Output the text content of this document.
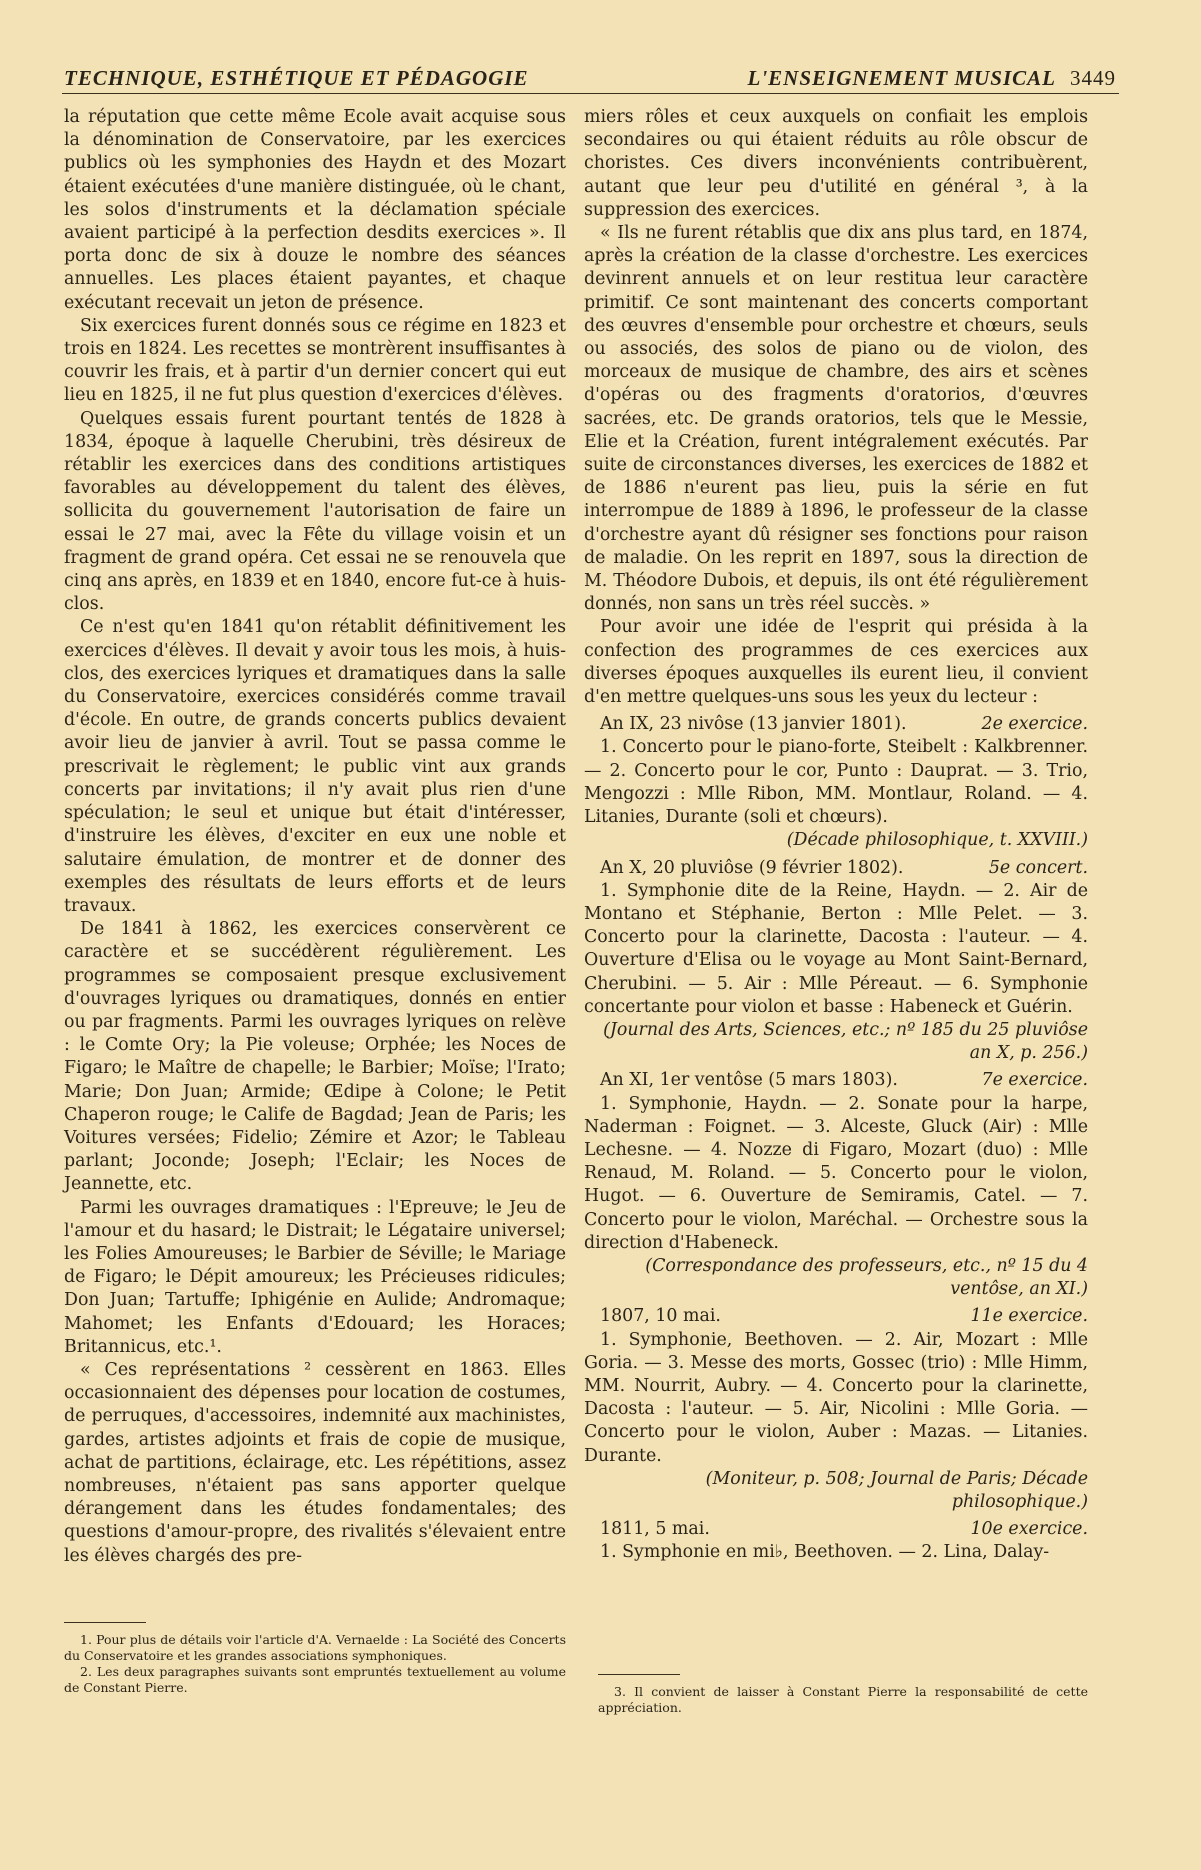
TECHNIQUE, ESTHÉTIQUE ET PÉDAGOGIE	L'ENSEIGNEMENT MUSICAL 3449

la réputation que cette même Ecole avait acquise sous la dénomination de Conservatoire, par les exercices publics où les symphonies des Haydn et des Mozart étaient exécutées d'une manière distinguée, où le chant, les solos d'instruments et la déclamation spéciale avaient participé à la perfection desdits exercices ». Il porta donc de six à douze le nombre des séances annuelles. Les places étaient payantes, et chaque exécutant recevait un jeton de présence.

Six exercices furent donnés sous ce régime en 1823 et trois en 1824. Les recettes se montrèrent insuffisantes à couvrir les frais, et à partir d'un dernier concert qui eut lieu en 1825, il ne fut plus question d'exercices d'élèves.

Quelques essais furent pourtant tentés de 1828 à 1834, époque à laquelle Cherubini, très désireux de rétablir les exercices dans des conditions artistiques favorables au développement du talent des élèves, sollicita du gouvernement l'autorisation de faire un essai le 27 mai, avec la Fête du village voisin et un fragment de grand opéra. Cet essai ne se renouvela que cinq ans après, en 1839 et en 1840, encore fut-ce à huis-clos.

Ce n'est qu'en 1841 qu'on rétablit définitivement les exercices d'élèves. Il devait y avoir tous les mois, à huis-clos, des exercices lyriques et dramatiques dans la salle du Conservatoire, exercices considérés comme travail d'école. En outre, de grands concerts publics devaient avoir lieu de janvier à avril. Tout se passa comme le prescrivait le règlement; le public vint aux grands concerts par invitations; il n'y avait plus rien d'une spéculation; le seul et unique but était d'intéresser, d'instruire les élèves, d'exciter en eux une noble et salutaire émulation, de montrer et de donner des exemples des résultats de leurs efforts et de leurs travaux.

De 1841 à 1862, les exercices conservèrent ce caractère et se succédèrent régulièrement. Les programmes se composaient presque exclusivement d'ouvrages lyriques ou dramatiques, donnés en entier ou par fragments. Parmi les ouvrages lyriques on relève : le Comte Ory; la Pie voleuse; Orphée; les Noces de Figaro; le Maître de chapelle; le Barbier; Moïse; l'Irato; Marie; Don Juan; Armide; Œdipe à Colone; le Petit Chaperon rouge; le Calife de Bagdad; Jean de Paris; les Voitures versées; Fidelio; Zémire et Azor; le Tableau parlant; Joconde; Joseph; l'Eclair; les Noces de Jeannette, etc.

Parmi les ouvrages dramatiques : l'Epreuve; le Jeu de l'amour et du hasard; le Distrait; le Légataire universel; les Folies Amoureuses; le Barbier de Séville; le Mariage de Figaro; le Dépit amoureux; les Précieuses ridicules; Don Juan; Tartuffe; Iphigénie en Aulide; Andromaque; Mahomet; les Enfants d'Edouard; les Horaces; Britannicus, etc.¹.

« Ces représentations ² cessèrent en 1863. Elles occasionnaient des dépenses pour location de costumes, de perruques, d'accessoires, indemnité aux machinistes, gardes, artistes adjoints et frais de copie de musique, achat de partitions, éclairage, etc. Les répétitions, assez nombreuses, n'étaient pas sans apporter quelque dérangement dans les études fondamentales; des questions d'amour-propre, des rivalités s'élevaient entre les élèves chargés des pre-

miers rôles et ceux auxquels on confiait les emplois secondaires ou qui étaient réduits au rôle obscur de choristes. Ces divers inconvénients contribuèrent, autant que leur peu d'utilité en général ³, à la suppression des exercices.

« Ils ne furent rétablis que dix ans plus tard, en 1874, après la création de la classe d'orchestre. Les exercices devinrent annuels et on leur restitua leur caractère primitif. Ce sont maintenant des concerts comportant des œuvres d'ensemble pour orchestre et chœurs, seuls ou associés, des solos de piano ou de violon, des morceaux de musique de chambre, des airs et scènes d'opéras ou des fragments d'oratorios, d'œuvres sacrées, etc. De grands oratorios, tels que le Messie, Elie et la Création, furent intégralement exécutés. Par suite de circonstances diverses, les exercices de 1882 et de 1886 n'eurent pas lieu, puis la série en fut interrompue de 1889 à 1896, le professeur de la classe d'orchestre ayant dû résigner ses fonctions pour raison de maladie. On les reprit en 1897, sous la direction de M. Théodore Dubois, et depuis, ils ont été régulièrement donnés, non sans un très réel succès. »

Pour avoir une idée de l'esprit qui présida à la confection des programmes de ces exercices aux diverses époques auxquelles ils eurent lieu, il convient d'en mettre quelques-uns sous les yeux du lecteur :

An IX, 23 nivôse (13 janvier 1801).	2e exercice.

1. Concerto pour le piano-forte, Steibelt : Kalkbrenner. — 2. Concerto pour le cor, Punto : Dauprat. — 3. Trio, Mengozzi : Mlle Ribon, MM. Montlaur, Roland. — 4. Litanies, Durante (soli et chœurs).

(Décade philosophique, t. XXVIII.)

An X, 20 pluviôse (9 février 1802).	5e concert.

1. Symphonie dite de la Reine, Haydn. — 2. Air de Montano et Stéphanie, Berton : Mlle Pelet. — 3. Concerto pour la clarinette, Dacosta : l'auteur. — 4. Ouverture d'Elisa ou le voyage au Mont Saint-Bernard, Cherubini. — 5. Air : Mlle Péreaut. — 6. Symphonie concertante pour violon et basse : Habeneck et Guérin.

(Journal des Arts, Sciences, etc.; nº 185 du 25 pluviôse an X, p. 256.)

An XI, 1er ventôse (5 mars 1803).	7e exercice.

1. Symphonie, Haydn. — 2. Sonate pour la harpe, Naderman : Foignet. — 3. Alceste, Gluck (Air) : Mlle Lechesne. — 4. Nozze di Figaro, Mozart (duo) : Mlle Renaud, M. Roland. — 5. Concerto pour le violon, Hugot. — 6. Ouverture de Semiramis, Catel. — 7. Concerto pour le violon, Maréchal. — Orchestre sous la direction d'Habeneck.

(Correspondance des professeurs, etc., nº 15 du 4 ventôse, an XI.)

1807, 10 mai.	11e exercice.

1. Symphonie, Beethoven. — 2. Air, Mozart : Mlle Goria. — 3. Messe des morts, Gossec (trio) : Mlle Himm, MM. Nourrit, Aubry. — 4. Concerto pour la clarinette, Dacosta : l'auteur. — 5. Air, Nicolini : Mlle Goria. — Concerto pour le violon, Auber : Mazas. — Litanies. Durante.

(Moniteur, p. 508; Journal de Paris; Décade philosophique.)

1811, 5 mai.	10e exercice.

1. Symphonie en mi♭, Beethoven. — 2. Lina, Dalay-

1. Pour plus de détails voir l'article d'A. Vernaelde : La Société des Concerts du Conservatoire et les grandes associations symphoniques.

2. Les deux paragraphes suivants sont empruntés textuellement au volume de Constant Pierre.	3. Il convient de laisser à Constant Pierre la responsabilité de cette appréciation.
